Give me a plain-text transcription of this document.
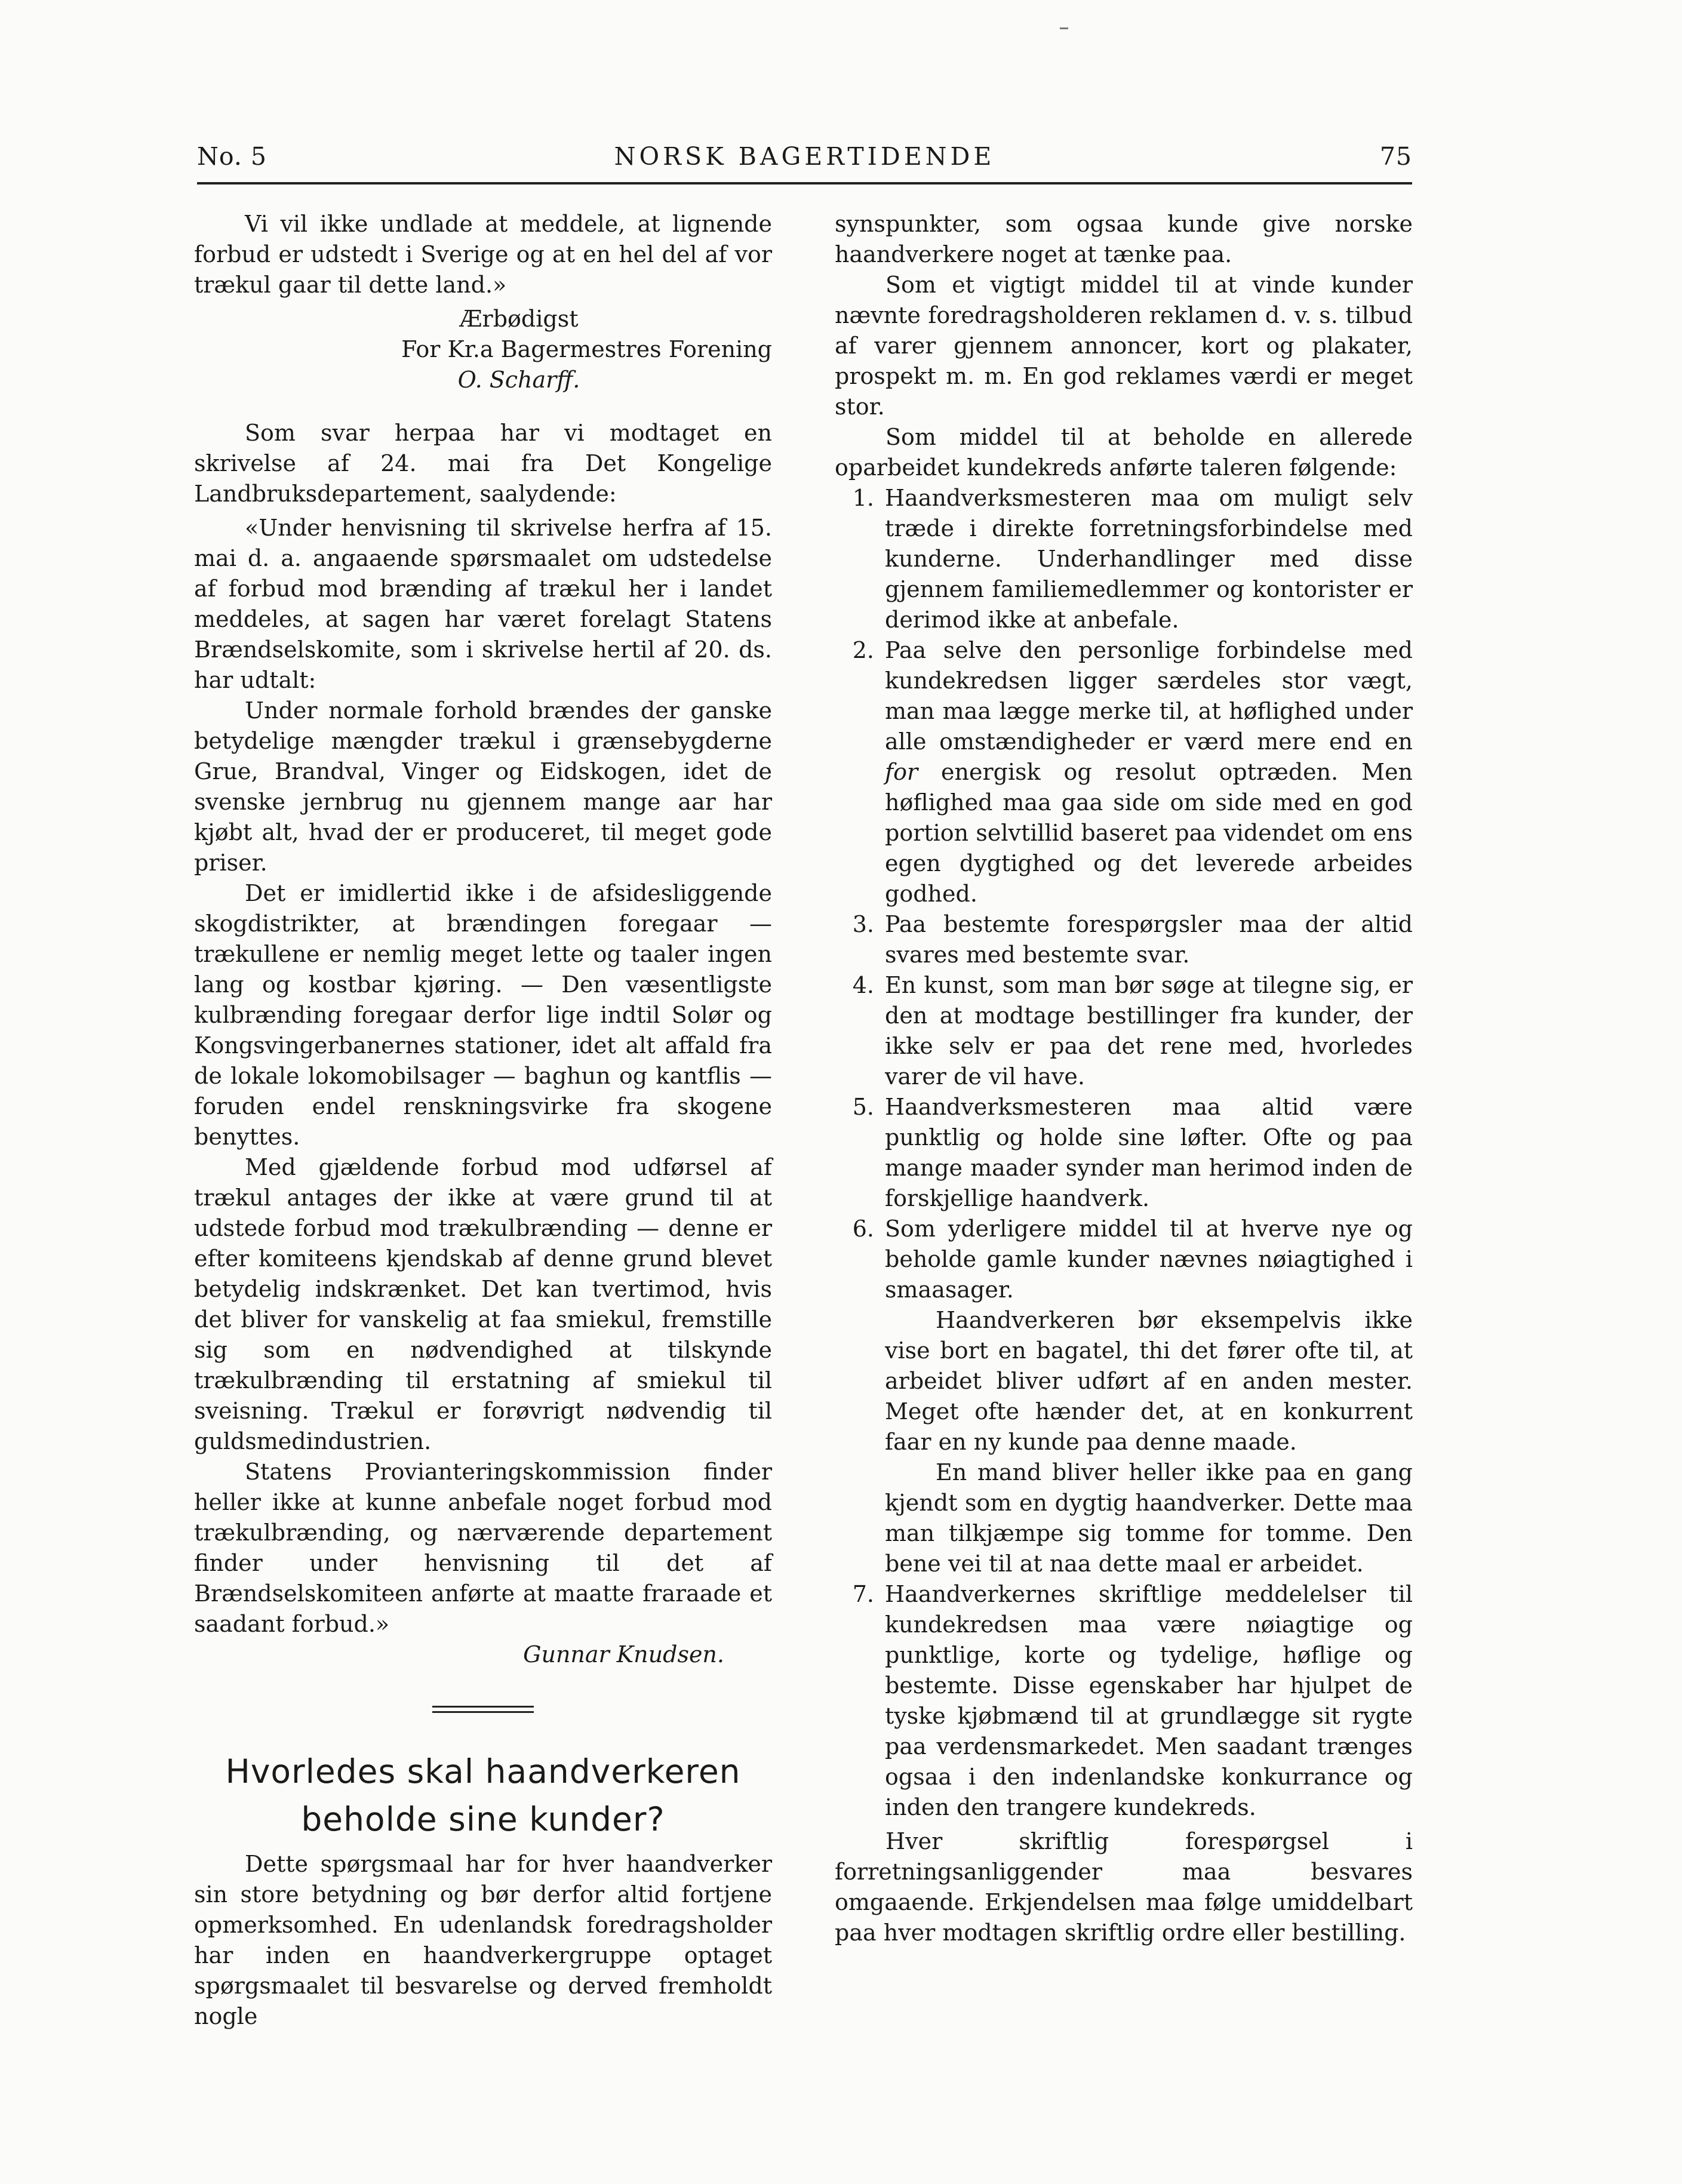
No. 5	NORSK BAGERTIDENDE	75

Vi vil ikke undlade at meddele, at lignende forbud er udstedt i Sverige og at en hel del af vor trækul gaar til dette land.»

Ærbødigst
For Kr.a Bagermestres Forening
O. Scharff.

Som svar herpaa har vi modtaget en skrivelse af 24. mai fra Det Kongelige Landbruksdepartement, saalydende:

«Under henvisning til skrivelse herfra af 15. mai d. a. angaaende spørsmaalet om udstedelse af forbud mod brænding af trækul her i landet meddeles, at sagen har været forelagt Statens Brændselskomite, som i skrivelse hertil af 20. ds. har udtalt:

Under normale forhold brændes der ganske betydelige mængder trækul i grænsebygderne Grue, Brandval, Vinger og Eidskogen, idet de svenske jernbrug nu gjennem mange aar har kjøbt alt, hvad der er produceret, til meget gode priser.

Det er imidlertid ikke i de afsidesliggende skogdistrikter, at brændingen foregaar — trækullene er nemlig meget lette og taaler ingen lang og kostbar kjøring. — Den væsentligste kulbrænding foregaar derfor lige indtil Solør og Kongsvingerbanernes stationer, idet alt affald fra de lokale lokomobilsager — baghun og kantflis — foruden endel renskningsvirke fra skogene benyttes.

Med gjældende forbud mod udførsel af trækul antages der ikke at være grund til at udstede forbud mod trækulbrænding — denne er efter komiteens kjendskab af denne grund blevet betydelig indskrænket. Det kan tvertimod, hvis det bliver for vanskelig at faa smiekul, fremstille sig som en nødvendighed at tilskynde trækulbrænding til erstatning af smiekul til sveisning. Trækul er forøvrigt nødvendig til guldsmedindustrien.

Statens Provianteringskommission finder heller ikke at kunne anbefale noget forbud mod trækulbrænding, og nærværende departement finder under henvisning til det af Brændselskomiteen anførte at maatte fraraade et saadant forbud.»

Gunnar Knudsen.
Hvorledes skal haandverkeren beholde sine kunder?

Dette spørgsmaal har for hver haandverker sin store betydning og bør derfor altid fortjene opmerksomhed. En udenlandsk foredragsholder har inden en haandverkergruppe optaget spørgsmaalet til besvarelse og derved fremholdt nogle

synspunkter, som ogsaa kunde give norske haandverkere noget at tænke paa.

Som et vigtigt middel til at vinde kunder nævnte foredragsholderen reklamen d. v. s. tilbud af varer gjennem annoncer, kort og plakater, prospekt m. m. En god reklames værdi er meget stor.

Som middel til at beholde en allerede oparbeidet kundekreds anførte taleren følgende:

1. Haandverksmesteren maa om muligt selv træde i direkte forretningsforbindelse med kunderne. Underhandlinger med disse gjennem familiemedlemmer og kontorister er derimod ikke at anbefale.

2. Paa selve den personlige forbindelse med kundekredsen ligger særdeles stor vægt, man maa lægge merke til, at høflighed under alle omstændigheder er værd mere end en for energisk og resolut optræden. Men høflighed maa gaa side om side med en god portion selvtillid baseret paa videndet om ens egen dygtighed og det leverede arbeides godhed.

3. Paa bestemte forespørgsler maa der altid svares med bestemte svar.

4. En kunst, som man bør søge at tilegne sig, er den at modtage bestillinger fra kunder, der ikke selv er paa det rene med, hvorledes varer de vil have.

5. Haandverksmesteren maa altid være punktlig og holde sine løfter. Ofte og paa mange maader synder man herimod inden de forskjellige haandverk.

6. Som yderligere middel til at hverve nye og beholde gamle kunder nævnes nøiagtighed i smaasager.

Haandverkeren bør eksempelvis ikke vise bort en bagatel, thi det fører ofte til, at arbeidet bliver udført af en anden mester. Meget ofte hænder det, at en konkurrent faar en ny kunde paa denne maade.

En mand bliver heller ikke paa en gang kjendt som en dygtig haandverker. Dette maa man tilkjæmpe sig tomme for tomme. Den bene vei til at naa dette maal er arbeidet.

7. Haandverkernes skriftlige meddelelser til kundekredsen maa være nøiagtige og punktlige, korte og tydelige, høflige og bestemte. Disse egenskaber har hjulpet de tyske kjøbmænd til at grundlægge sit rygte paa verdensmarkedet. Men saadant trænges ogsaa i den indenlandske konkurrance og inden den trangere kundekreds.

Hver skriftlig forespørgsel i forretningsanliggender maa besvares omgaaende. Erkjendelsen maa følge umiddelbart paa hver modtagen skriftlig ordre eller bestilling.
